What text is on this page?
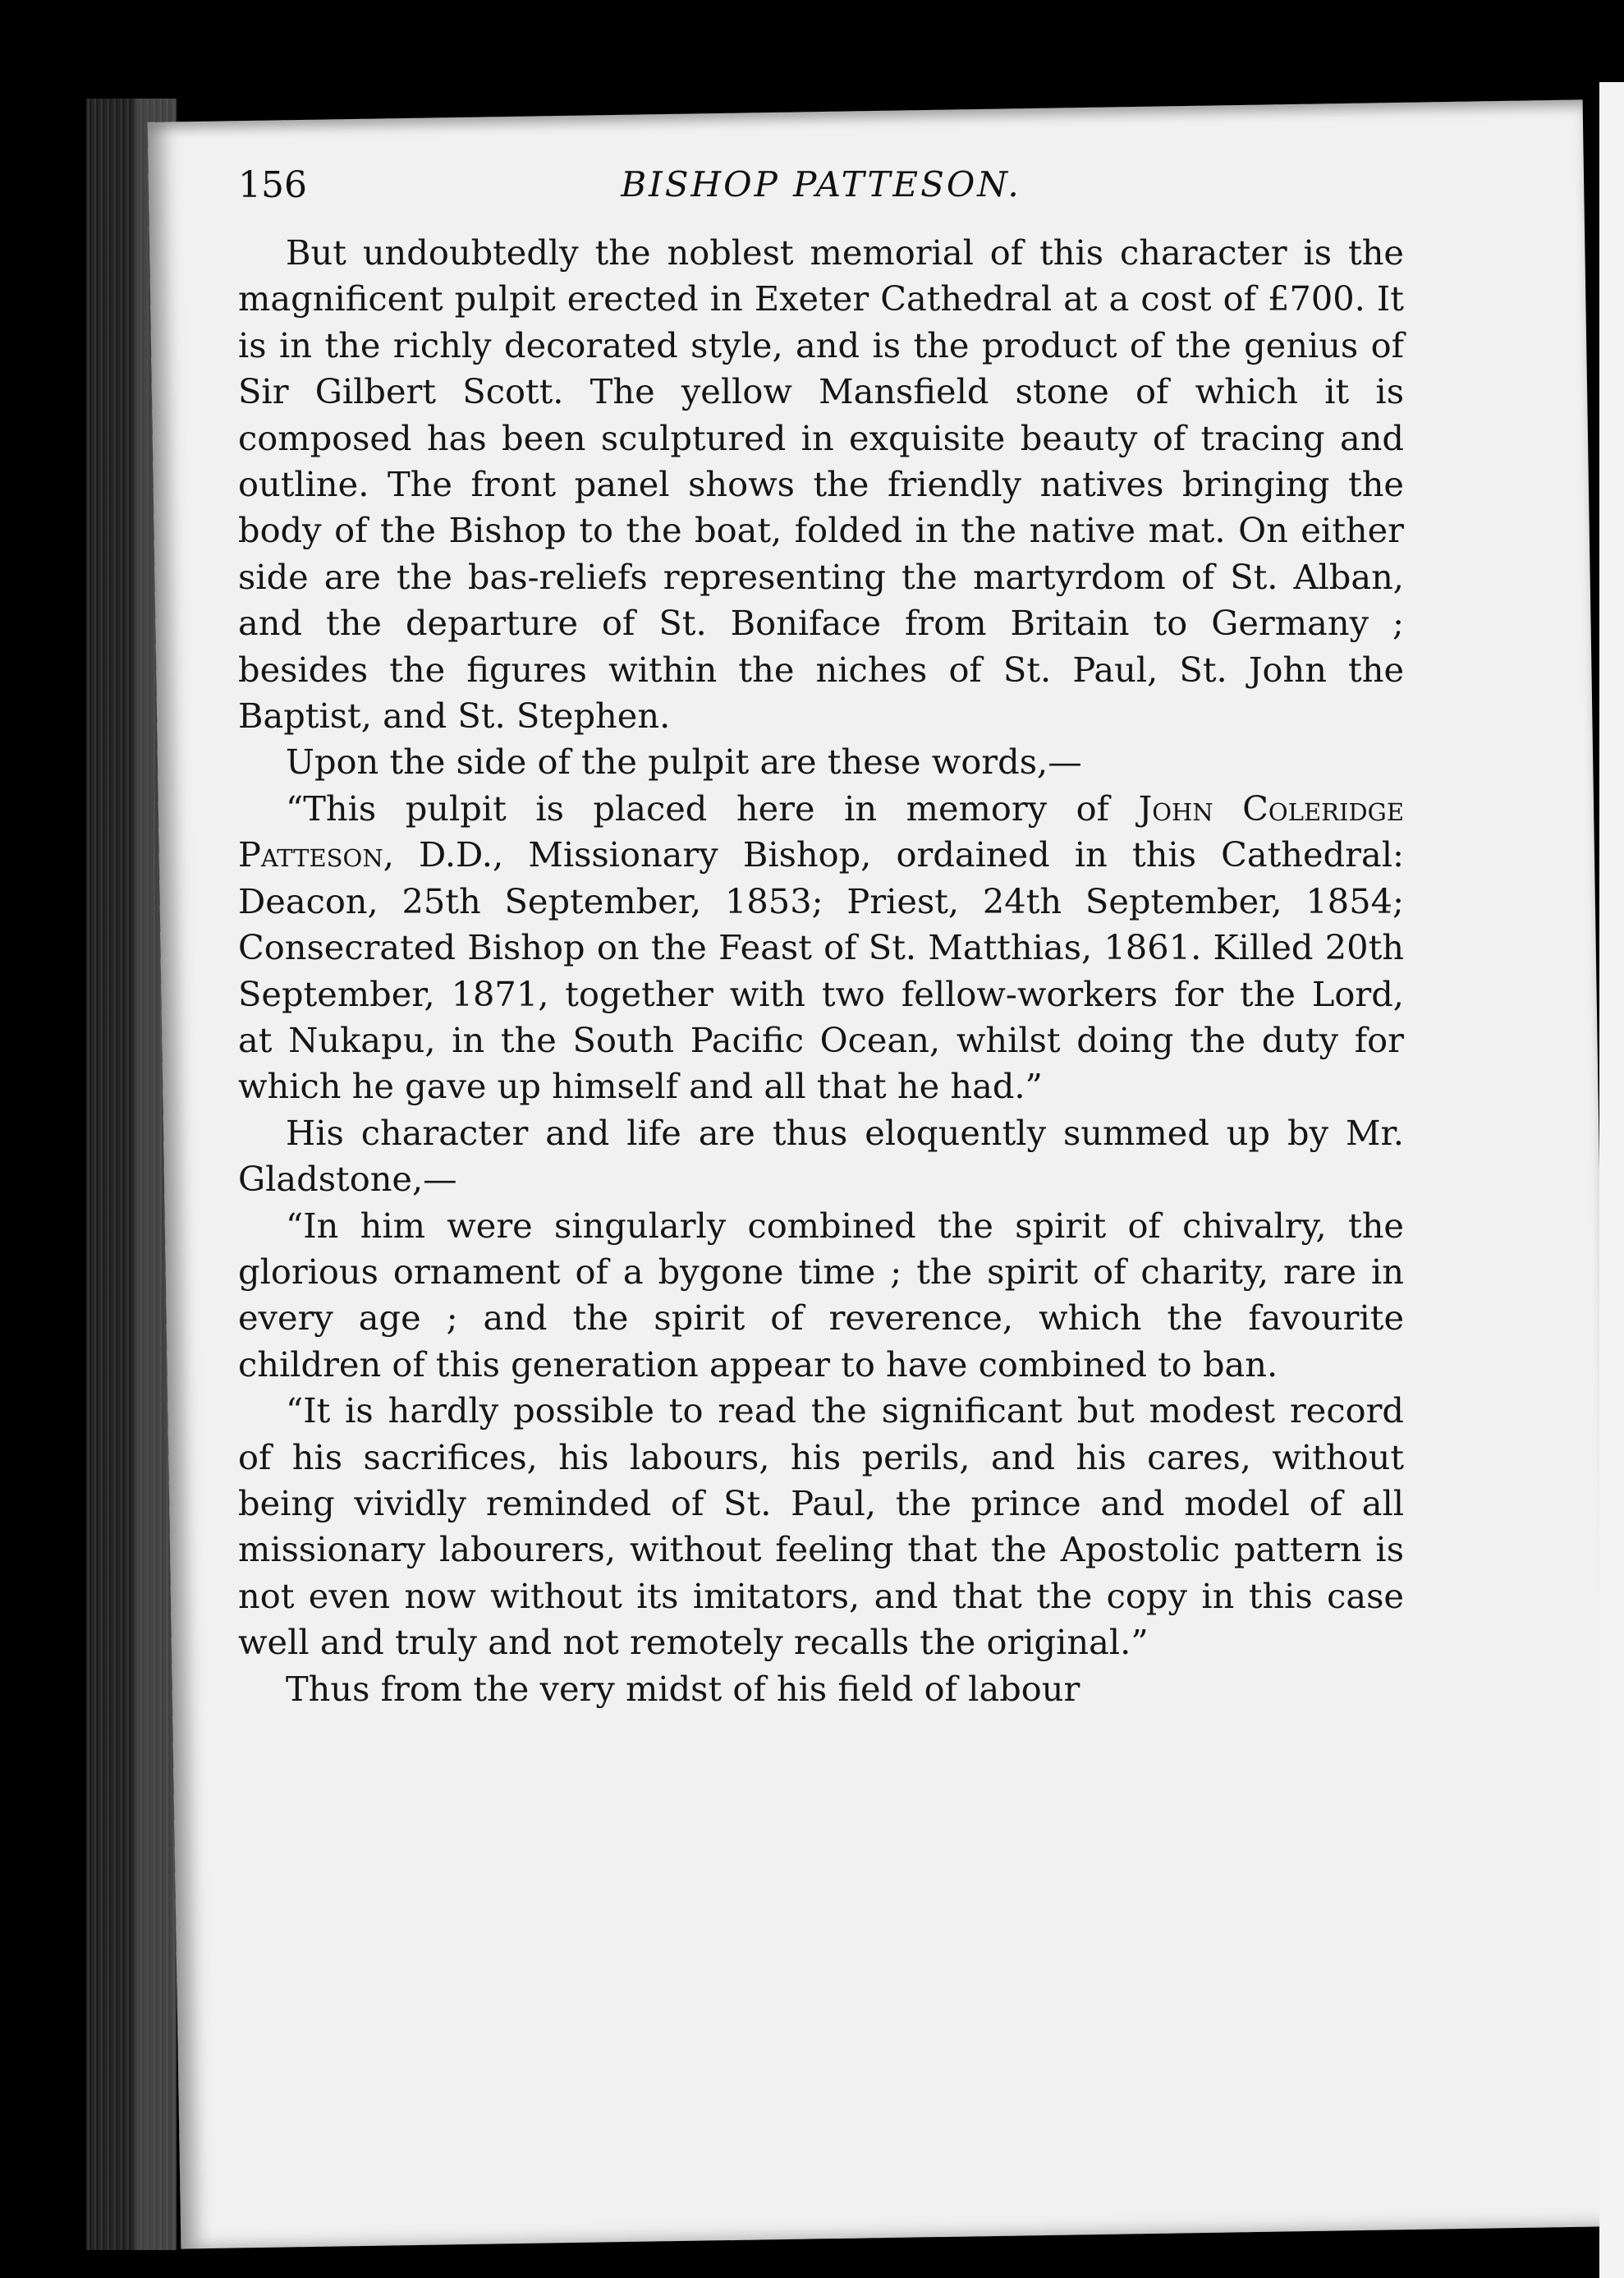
156	BISHOP PATTESON.

But undoubtedly the noblest memorial of this character is the magnificent pulpit erected in Exeter Cathedral at a cost of £700. It is in the richly decorated style, and is the product of the genius of Sir Gilbert Scott. The yellow Mansfield stone of which it is composed has been sculptured in exquisite beauty of tracing and outline. The front panel shows the friendly natives bringing the body of the Bishop to the boat, folded in the native mat. On either side are the bas-reliefs representing the martyrdom of St. Alban, and the departure of St. Boniface from Britain to Germany ; besides the figures within the niches of St. Paul, St. John the Baptist, and St. Stephen.

Upon the side of the pulpit are these words,—

“This pulpit is placed here in memory of John Coleridge Patteson, D.D., Missionary Bishop, ordained in this Cathedral: Deacon, 25th September, 1853; Priest, 24th September, 1854; Consecrated Bishop on the Feast of St. Matthias, 1861. Killed 20th September, 1871, together with two fellow-workers for the Lord, at Nukapu, in the South Pacific Ocean, whilst doing the duty for which he gave up himself and all that he had.”

His character and life are thus eloquently summed up by Mr. Gladstone,—

“In him were singularly combined the spirit of chivalry, the glorious ornament of a bygone time ; the spirit of charity, rare in every age ; and the spirit of reverence, which the favourite children of this generation appear to have combined to ban.

“It is hardly possible to read the significant but modest record of his sacrifices, his labours, his perils, and his cares, without being vividly reminded of St. Paul, the prince and model of all missionary labourers, without feeling that the Apostolic pattern is not even now without its imitators, and that the copy in this case well and truly and not remotely recalls the original.”

Thus from the very midst of his field of labour
